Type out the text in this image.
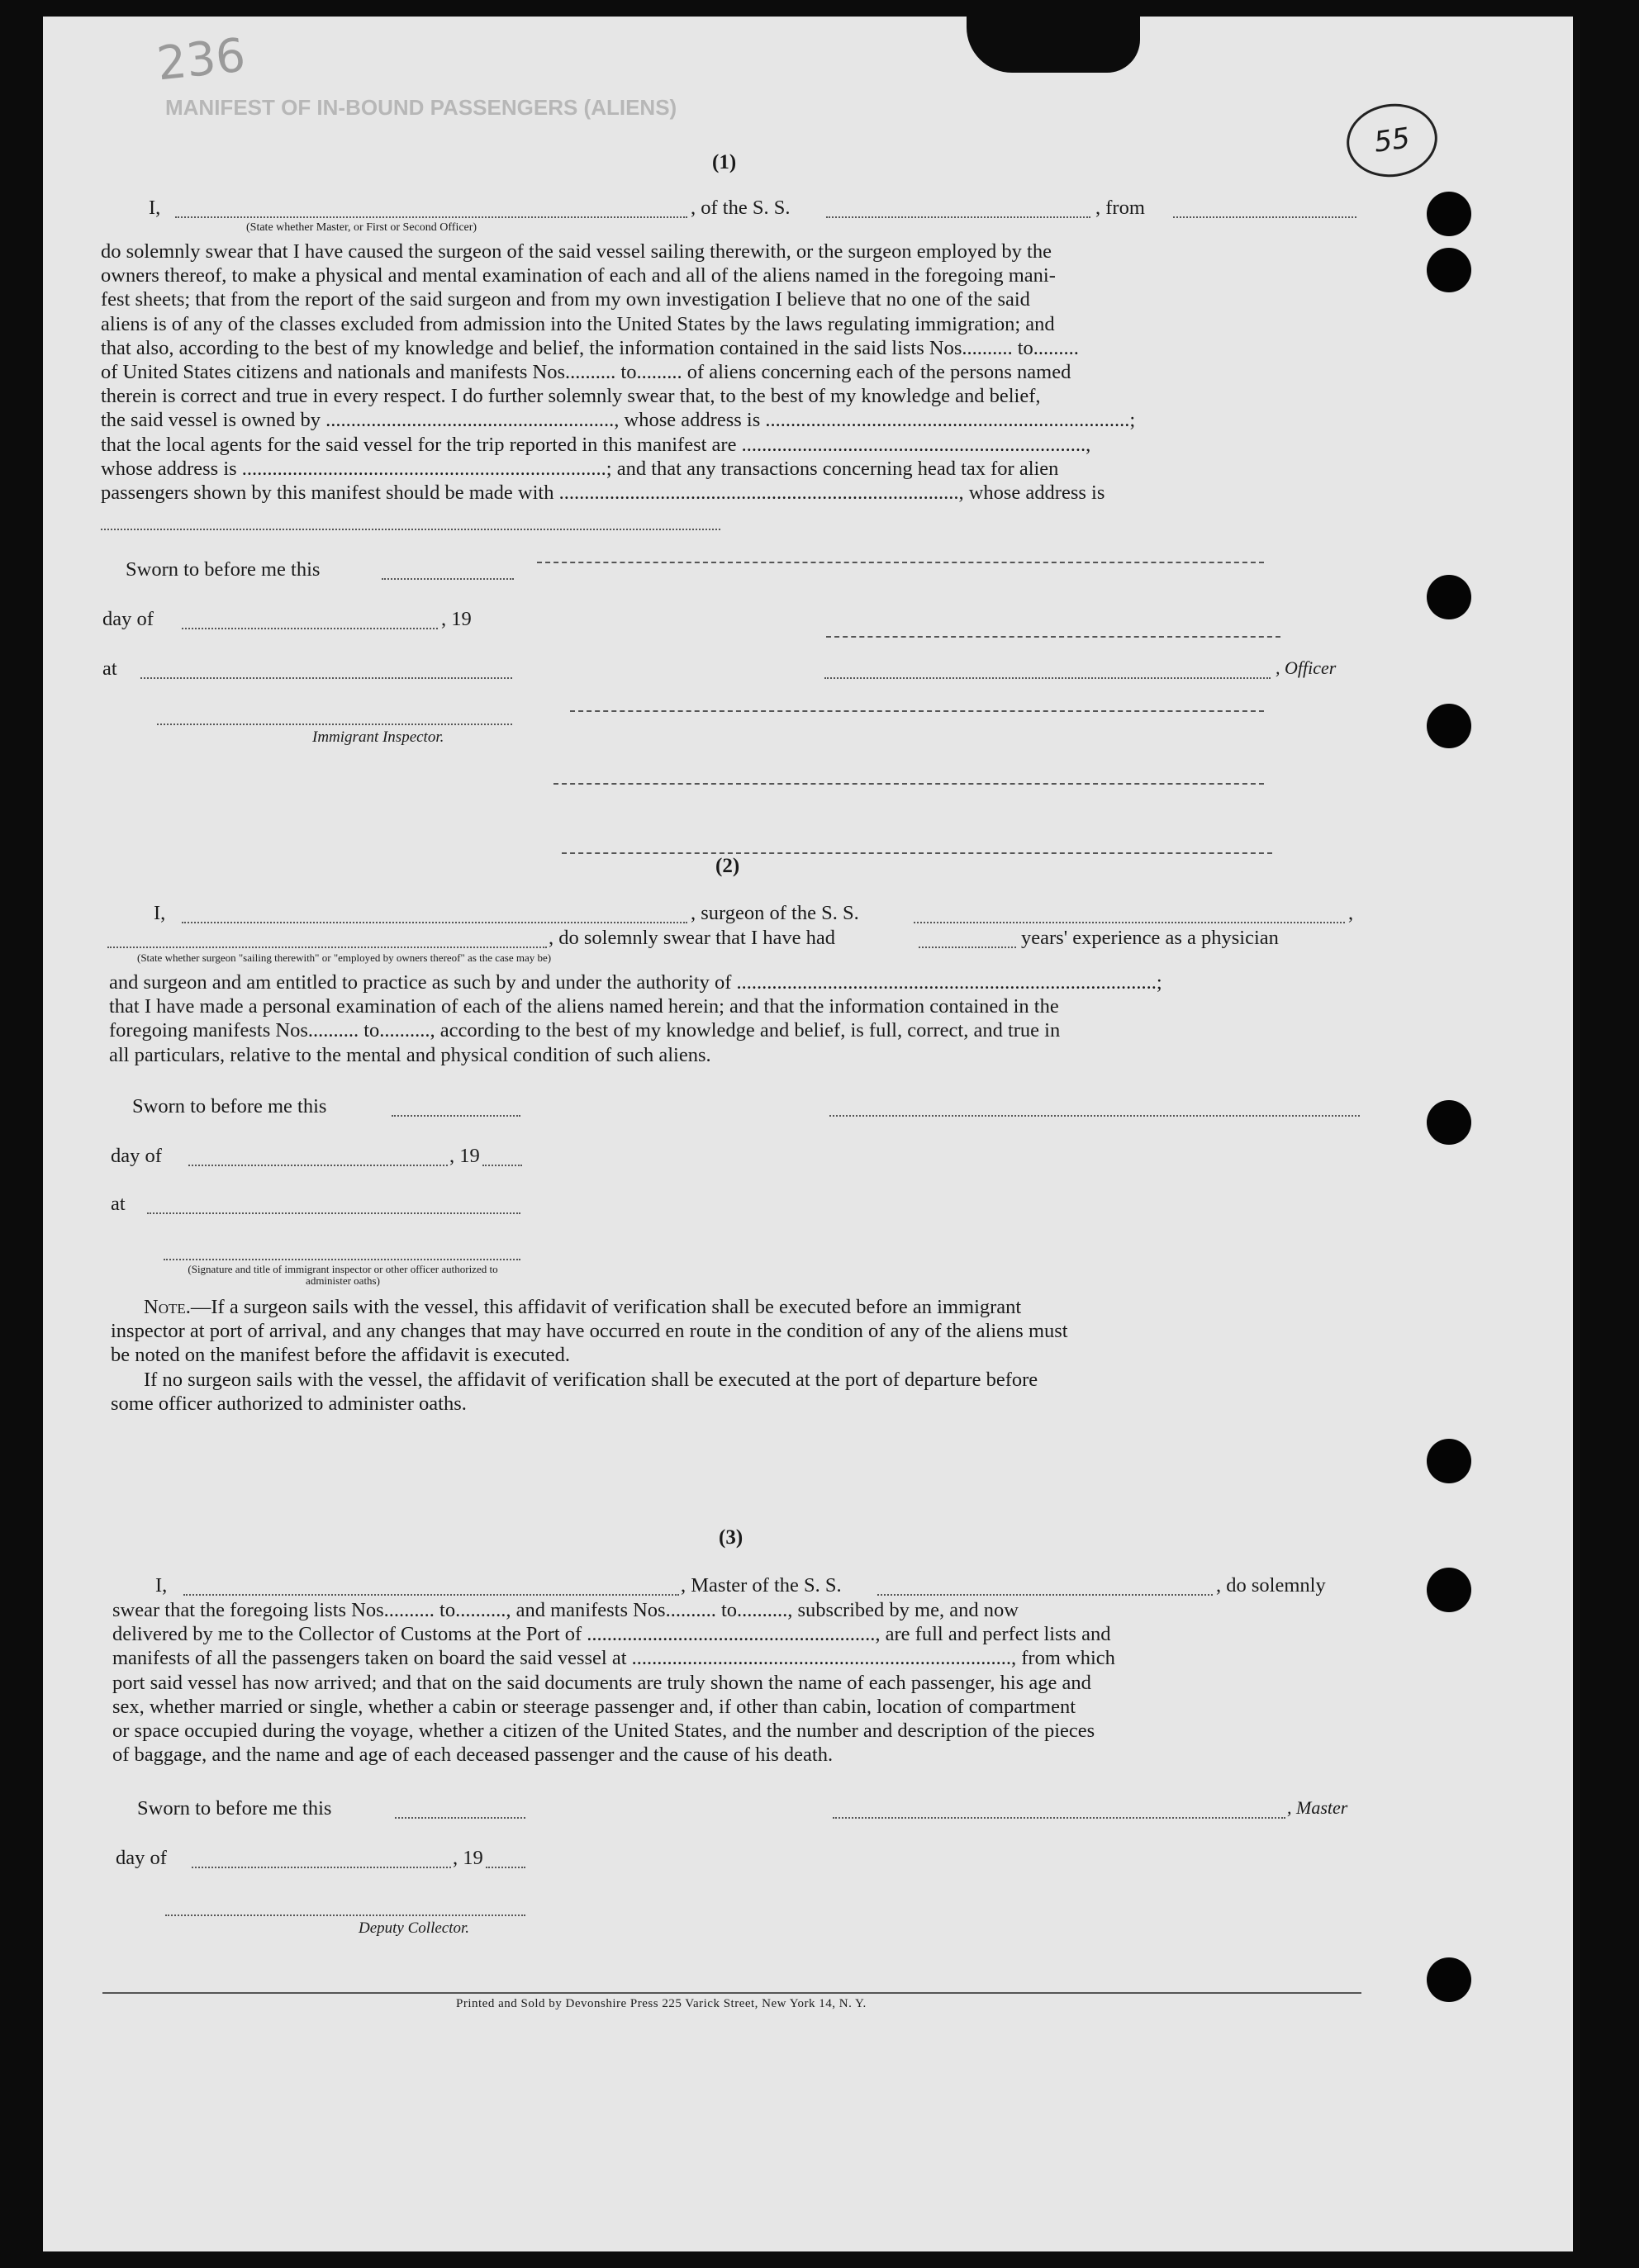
236
55
MANIFEST OF IN-BOUND PASSENGERS (ALIENS)
(1)
I,	, of the S. S.	, from
(State whether Master, or First or Second Officer)

do solemnly swear that I have caused the surgeon of the said vessel sailing therewith, or the surgeon employed by the

owners thereof, to make a physical and mental examination of each and all of the aliens named in the foregoing mani-

fest sheets; that from the report of the said surgeon and from my own investigation I believe that no one of the said

aliens is of any of the classes excluded from admission into the United States by the laws regulating immigration; and

that also, according to the best of my knowledge and belief, the information contained in the said lists Nos.......... to.........

of United States citizens and nationals and manifests Nos.......... to......... of aliens concerning each of the persons named

therein is correct and true in every respect. I do further solemnly swear that, to the best of my knowledge and belief,

the said vessel is owned by ........................................................., whose address is ........................................................................;

that the local agents for the said vessel for the trip reported in this manifest are ....................................................................,

whose address is ........................................................................; and that any transactions concerning head tax for alien

passengers shown by this manifest should be made with ..............................................................................., whose address is

Sworn to before me this
day of	, 19
at	, Officer
Immigrant Inspector.
(2)
I,	, surgeon of the S. S.	,
, do solemnly swear that I have had	years' experience as a physician
(State whether surgeon "sailing therewith" or "employed by owners thereof" as the case may be)

and surgeon and am entitled to practice as such by and under the authority of ...................................................................................;

that I have made a personal examination of each of the aliens named herein; and that the information contained in the

foregoing manifests Nos.......... to.........., according to the best of my knowledge and belief, is full, correct, and true in

all particulars, relative to the mental and physical condition of such aliens.

Sworn to before me this
day of	, 19
at
(Signature and title of immigrant inspector or other officer authorized to administer oaths)

Note.—If a surgeon sails with the vessel, this affidavit of verification shall be executed before an immigrant

inspector at port of arrival, and any changes that may have occurred en route in the condition of any of the aliens must

be noted on the manifest before the affidavit is executed.

If no surgeon sails with the vessel, the affidavit of verification shall be executed at the port of departure before

some officer authorized to administer oaths.

(3)
I,	, Master of the S. S.	, do solemnly

swear that the foregoing lists Nos.......... to.........., and manifests Nos.......... to.........., subscribed by me, and now

delivered by me to the Collector of Customs at the Port of ........................................................., are full and perfect lists and

manifests of all the passengers taken on board the said vessel at ..........................................................................., from which

port said vessel has now arrived; and that on the said documents are truly shown the name of each passenger, his age and

sex, whether married or single, whether a cabin or steerage passenger and, if other than cabin, location of compartment

or space occupied during the voyage, whether a citizen of the United States, and the number and description of the pieces

of baggage, and the name and age of each deceased passenger and the cause of his death.

Sworn to before me this	, Master
day of	, 19
Deputy Collector.
Printed and Sold by Devonshire Press 225 Varick Street, New York 14, N. Y.
